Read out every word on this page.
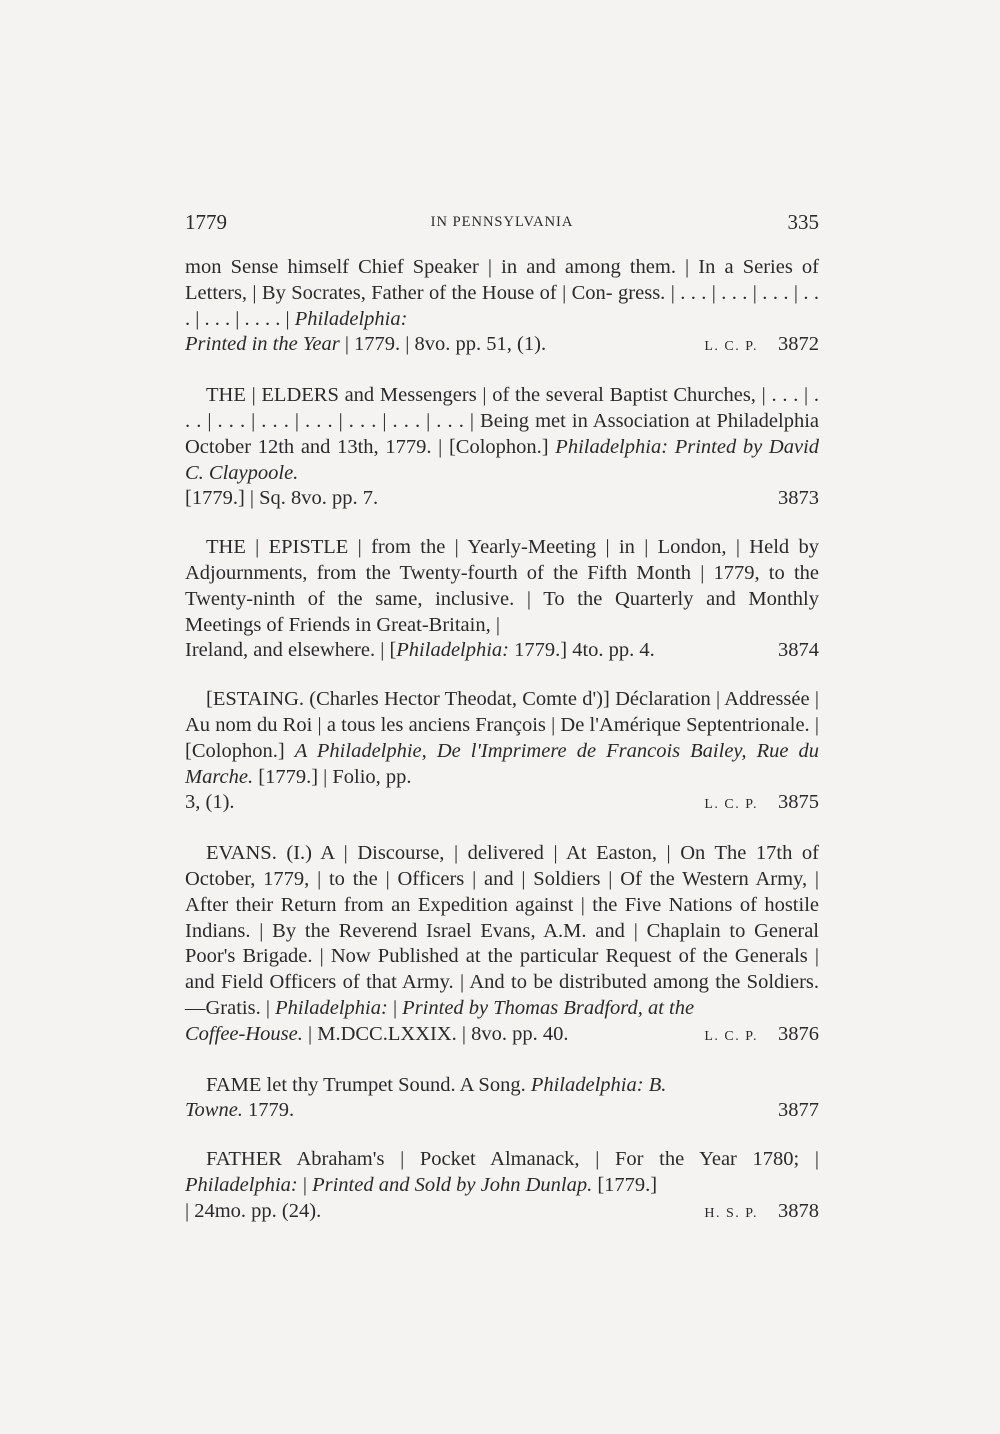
1779	IN PENNSYLVANIA	335
mon Sense himself Chief Speaker | in and among them. | In a Series of Letters, | By Socrates, Father of the House of | Con- gress. | . . . | . . . | . . . | . . . | . . . | . . . . | Philadelphia:
Printed in the Year | 1779. | 8vo. pp. 51, (1).	L. C. P. 3872
THE | ELDERS and Messengers | of the several Baptist Churches, | . . . | . . . | . . . | . . . | . . . | . . . | . . . | . . . | Being met in Association at Philadelphia October 12th and 13th, 1779. | [Colophon.] Philadelphia: Printed by David C. Claypoole.
[1779.] | Sq. 8vo. pp. 7.	3873
THE | EPISTLE | from the | Yearly-Meeting | in | London, | Held by Adjournments, from the Twenty-fourth of the Fifth Month | 1779, to the Twenty-ninth of the same, inclusive. | To the Quarterly and Monthly Meetings of Friends in Great-Britain, |
Ireland, and elsewhere. | [Philadelphia: 1779.] 4to. pp. 4.	3874
[ESTAING. (Charles Hector Theodat, Comte d')] Déclaration | Addressée | Au nom du Roi | a tous les anciens François | De l'Amérique Septentrionale. | [Colophon.] A Philadelphie, De l'Imprimere de Francois Bailey, Rue du Marche. [1779.] | Folio, pp.
3, (1).	L. C. P. 3875
EVANS. (I.) A | Discourse, | delivered | At Easton, | On The 17th of October, 1779, | to the | Officers | and | Soldiers | Of the Western Army, | After their Return from an Expedition against | the Five Nations of hostile Indians. | By the Reverend Israel Evans, A.M. and | Chaplain to General Poor's Brigade. | Now Published at the particular Request of the Generals | and Field Officers of that Army. | And to be distributed among the Soldiers. —Gratis. | Philadelphia: | Printed by Thomas Bradford, at the
Coffee-House. | M.DCC.LXXIX. | 8vo. pp. 40.	L. C. P. 3876
FAME let thy Trumpet Sound. A Song. Philadelphia: B.
Towne. 1779.	3877
FATHER Abraham's | Pocket Almanack, | For the Year 1780; | Philadelphia: | Printed and Sold by John Dunlap. [1779.]
| 24mo. pp. (24).	H. S. P. 3878
